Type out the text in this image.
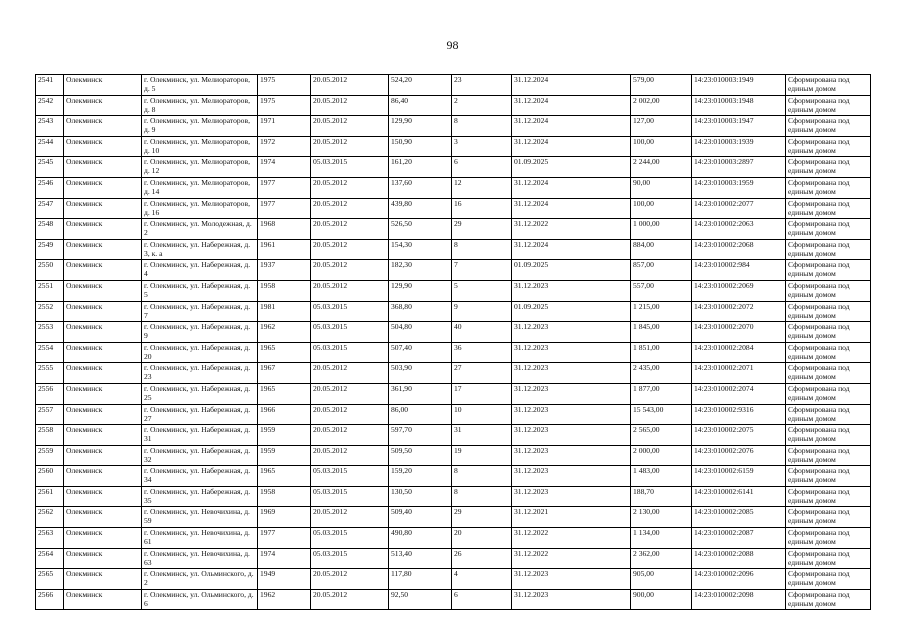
98
2541	Олекминск	г. Олекминск, ул. Мелиораторов, д. 5	1975	20.05.2012	524,20	23	31.12.2024	579,00	14:23:010003:1949	Сформирована под единым домом
2542	Олекминск	г. Олекминск, ул. Мелиораторов, д. 8	1975	20.05.2012	86,40	2	31.12.2024	2 002,00	14:23:010003:1948	Сформирована под единым домом
2543	Олекминск	г. Олекминск, ул. Мелиораторов, д. 9	1971	20.05.2012	129,90	8	31.12.2024	127,00	14:23:010003:1947	Сформирована под единым домом
2544	Олекминск	г. Олекминск, ул. Мелиораторов, д. 10	1972	20.05.2012	150,90	3	31.12.2024	100,00	14:23:010003:1939	Сформирована под единым домом
2545	Олекминск	г. Олекминск, ул. Мелиораторов, д. 12	1974	05.03.2015	161,20	6	01.09.2025	2 244,00	14:23:010003:2897	Сформирована под единым домом
2546	Олекминск	г. Олекминск, ул. Мелиораторов, д. 14	1977	20.05.2012	137,60	12	31.12.2024	90,00	14:23:010003:1959	Сформирована под единым домом
2547	Олекминск	г. Олекминск, ул. Мелиораторов, д. 16	1977	20.05.2012	439,80	16	31.12.2024	100,00	14:23:010002:2077	Сформирована под единым домом
2548	Олекминск	г. Олекминск, ул. Молодежная, д. 2	1968	20.05.2012	526,50	29	31.12.2022	1 000,00	14:23:010002:2063	Сформирована под единым домом
2549	Олекминск	г. Олекминск, ул. Набережная, д. 3, к. а	1961	20.05.2012	154,30	8	31.12.2024	884,00	14:23:010002:2068	Сформирована под единым домом
2550	Олекминск	г. Олекминск, ул. Набережная, д. 4	1937	20.05.2012	182,30	7	01.09.2025	857,00	14:23:010002:984	Сформирована под единым домом
2551	Олекминск	г. Олекминск, ул. Набережная, д. 5	1958	20.05.2012	129,90	5	31.12.2023	557,00	14:23:010002:2069	Сформирована под единым домом
2552	Олекминск	г. Олекминск, ул. Набережная, д. 7	1981	05.03.2015	368,80	9	01.09.2025	1 215,00	14:23:010002:2072	Сформирована под единым домом
2553	Олекминск	г. Олекминск, ул. Набережная, д. 9	1962	05.03.2015	504,80	40	31.12.2023	1 845,00	14:23:010002:2070	Сформирована под единым домом
2554	Олекминск	г. Олекминск, ул. Набережная, д. 20	1965	05.03.2015	507,40	36	31.12.2023	1 851,00	14:23:010002:2084	Сформирована под единым домом
2555	Олекминск	г. Олекминск, ул. Набережная, д. 23	1967	20.05.2012	503,90	27	31.12.2023	2 435,00	14:23:010002:2071	Сформирована под единым домом
2556	Олекминск	г. Олекминск, ул. Набережная, д. 25	1965	20.05.2012	361,90	17	31.12.2023	1 877,00	14:23:010002:2074	Сформирована под единым домом
2557	Олекминск	г. Олекминск, ул. Набережная, д. 27	1966	20.05.2012	86,00	10	31.12.2023	15 543,00	14:23:010002:9316	Сформирована под единым домом
2558	Олекминск	г. Олекминск, ул. Набережная, д. 31	1959	20.05.2012	597,70	31	31.12.2023	2 565,00	14:23:010002:2075	Сформирована под единым домом
2559	Олекминск	г. Олекминск, ул. Набережная, д. 32	1959	20.05.2012	509,50	19	31.12.2023	2 000,00	14:23:010002:2076	Сформирована под единым домом
2560	Олекминск	г. Олекминск, ул. Набережная, д. 34	1965	05.03.2015	159,20	8	31.12.2023	1 483,00	14:23:010002:6159	Сформирована под единым домом
2561	Олекминск	г. Олекминск, ул. Набережная, д. 35	1958	05.03.2015	130,50	8	31.12.2023	188,70	14:23:010002:6141	Сформирована под единым домом
2562	Олекминск	г. Олекминск, ул. Невочихина, д. 59	1969	20.05.2012	509,40	29	31.12.2021	2 130,00	14:23:010002:2085	Сформирована под единым домом
2563	Олекминск	г. Олекминск, ул. Невочихина, д. 61	1977	05.03.2015	490,80	20	31.12.2022	1 134,00	14:23:010002:2087	Сформирована под единым домом
2564	Олекминск	г. Олекминск, ул. Невочихина, д. 63	1974	05.03.2015	513,40	26	31.12.2022	2 362,00	14:23:010002:2088	Сформирована под единым домом
2565	Олекминск	г. Олекминск, ул. Ольминского, д. 2	1949	20.05.2012	117,80	4	31.12.2023	905,00	14:23:010002:2096	Сформирована под единым домом
2566	Олекминск	г. Олекминск, ул. Ольминского, д. 6	1962	20.05.2012	92,50	6	31.12.2023	900,00	14:23:010002:2098	Сформирована под единым домом
